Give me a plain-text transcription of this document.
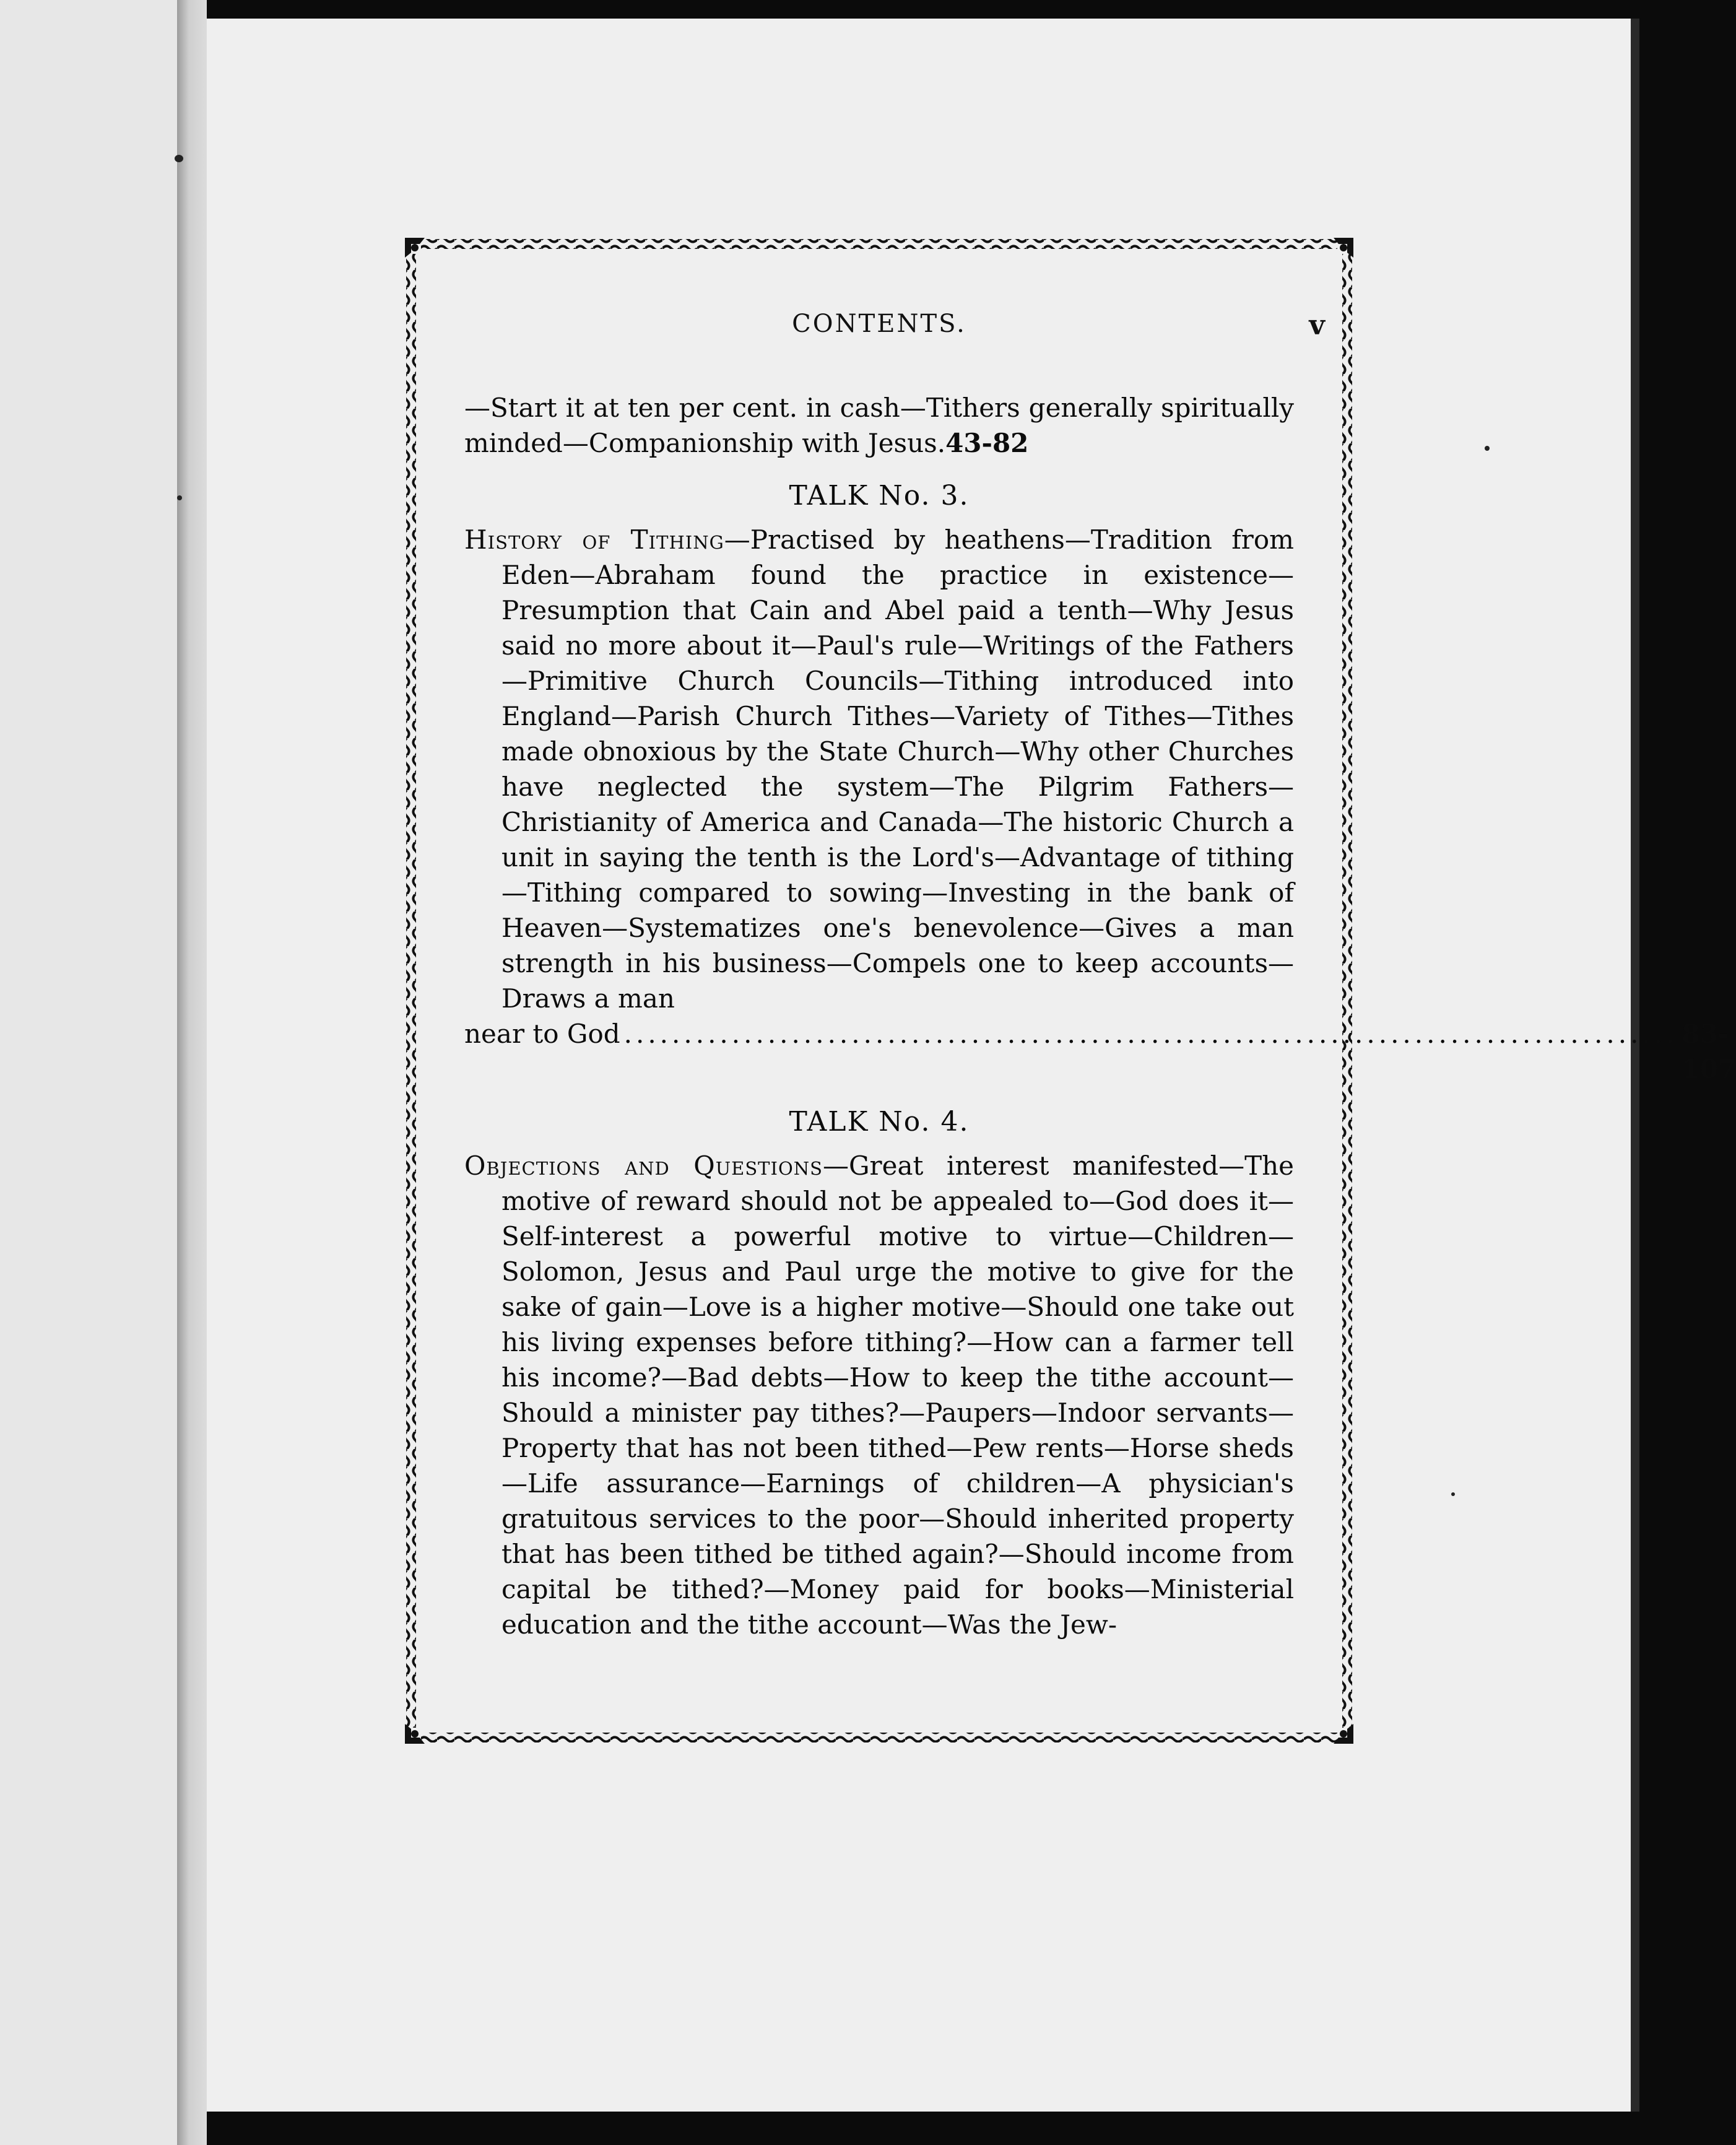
CONTENTS.	v

—Start it at ten per cent. in cash—Tithers generally spiritually minded—Companionship with Jesus.43-82

TALK No. 3.

History of Tithing—Practised by heathens—Tradition from Eden—Abraham found the practice in existence—Presumption that Cain and Abel paid a tenth—Why Jesus said no more about it—Paul's rule—Writings of the Fathers—Primitive Church Councils—Tithing introduced into England—Parish Church Tithes—Variety of Tithes—Tithes made obnoxious by the State Church—Why other Churches have neglected the system—The Pilgrim Fathers—Christianity of America and Canada—The historic Church a unit in saying the tenth is the Lord's—Advantage of tithing—Tithing compared to sowing—Investing in the bank of Heaven—Systematizes one's benevolence—Gives a man strength in his business—Compels one to keep accounts—Draws a man

near to God ........................................................................................ 83-107
TALK No. 4.

Objections and Questions—Great interest manifested—The motive of reward should not be appealed to—God does it—Self-interest a powerful motive to virtue—Children—Solomon, Jesus and Paul urge the motive to give for the sake of gain—Love is a higher motive—Should one take out his living expenses before tithing?—How can a farmer tell his income?—Bad debts—How to keep the tithe account—Should a minister pay tithes?—Paupers—Indoor servants—Property that has not been tithed—Pew rents—Horse sheds—Life assurance—Earnings of children—A physician's gratuitous services to the poor—Should inherited property that has been tithed be tithed again?—Should income from capital be tithed?—Money paid for books—Ministerial education and the tithe account—Was the Jew-
